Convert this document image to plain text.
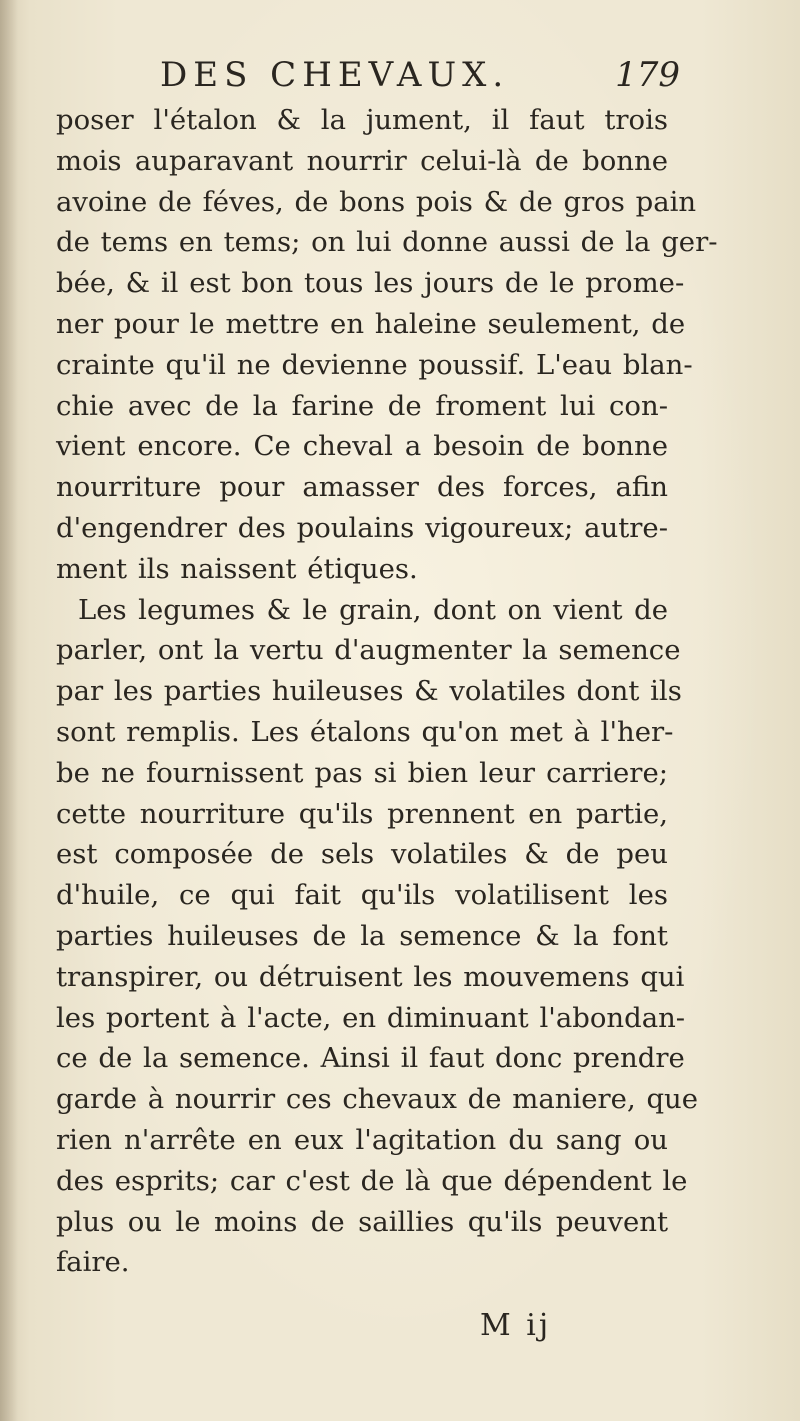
DES CHEVAUX.	179
poser l'étalon & la jument, il faut trois
mois auparavant nourrir celui-là de bonne
avoine de féves, de bons pois & de gros pain
de tems en tems; on lui donne aussi de la ger-
bée, & il est bon tous les jours de le prome-
ner pour le mettre en haleine seulement, de
crainte qu'il ne devienne poussif. L'eau blan-
chie avec de la farine de froment lui con-
vient encore. Ce cheval a besoin de bonne
nourriture pour amasser des forces, afin
d'engendrer des poulains vigoureux; autre-
ment ils naissent étiques.
Les legumes & le grain, dont on vient de
parler, ont la vertu d'augmenter la semence
par les parties huileuses & volatiles dont ils
sont remplis. Les étalons qu'on met à l'her-
be ne fournissent pas si bien leur carriere;
cette nourriture qu'ils prennent en partie,
est composée de sels volatiles & de peu
d'huile, ce qui fait qu'ils volatilisent les
parties huileuses de la semence & la font
transpirer, ou détruisent les mouvemens qui
les portent à l'acte, en diminuant l'abondan-
ce de la semence. Ainsi il faut donc prendre
garde à nourrir ces chevaux de maniere, que
rien n'arrête en eux l'agitation du sang ou
des esprits; car c'est de là que dépendent le
plus ou le moins de saillies qu'ils peuvent
faire.
M ij
